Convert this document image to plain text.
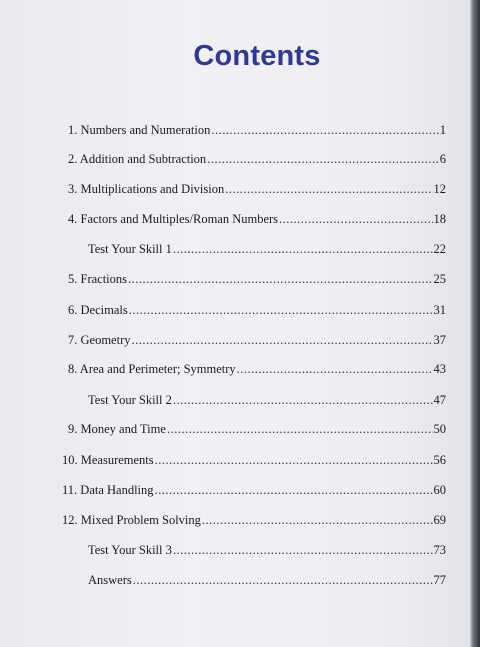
Contents
1. Numbers and Numeration .....	1
2. Addition and Subtraction .....	6
3. Multiplications and Division .....	12
4. Factors and Multiples/Roman Numbers .....	18
Test Your Skill 1 .....	22
5. Fractions .....	25
6. Decimals .....	31
7. Geometry .....	37
8. Area and Perimeter; Symmetry .....	43
Test Your Skill 2 .....	47
9. Money and Time .....	50
10. Measurements .....	56
11. Data Handling .....	60
12. Mixed Problem Solving .....	69
Test Your Skill 3 .....	73
Answers .....	77
